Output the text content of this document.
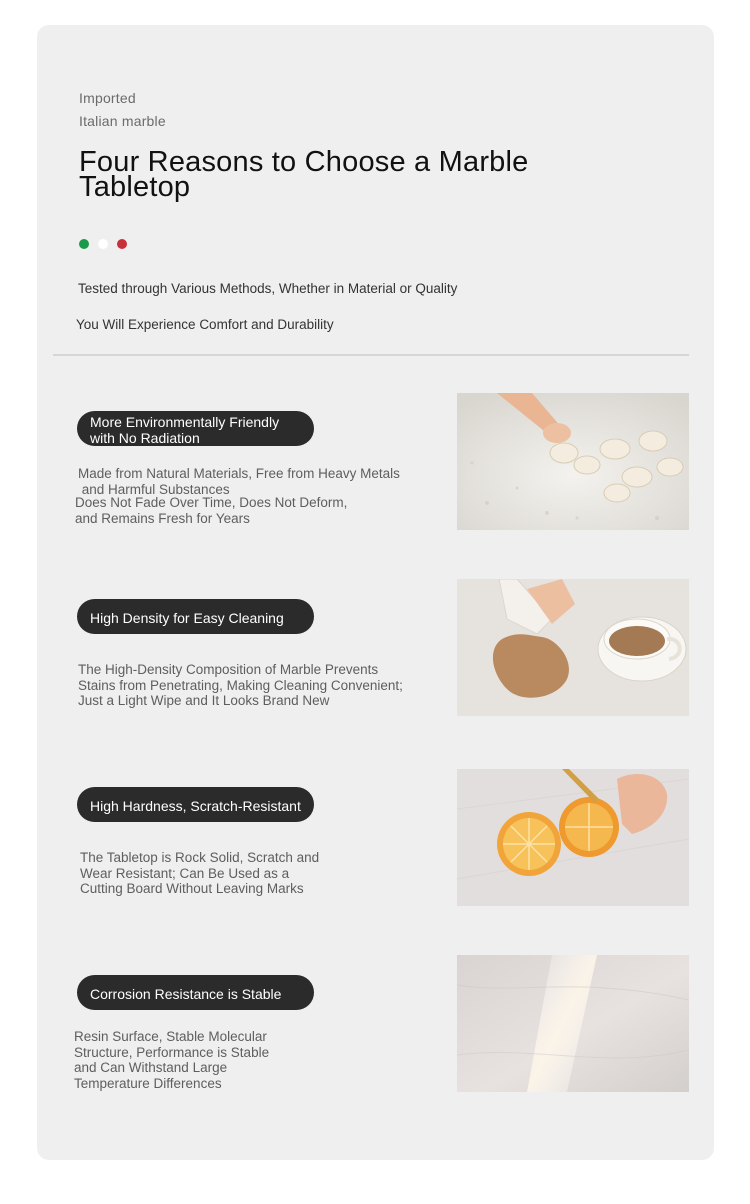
Imported
Italian marble
Four Reasons to Choose a Marble Tabletop
Tested through Various Methods, Whether in Material or Quality
You Will Experience Comfort and Durability
More Environmentally Friendly with No Radiation
Made from Natural Materials, Free from Heavy Metals
and Harmful Substances
Does Not Fade Over Time, Does Not Deform,
and Remains Fresh for Years
High Density for Easy Cleaning
The High-Density Composition of Marble Prevents
Stains from Penetrating, Making Cleaning Convenient;
Just a Light Wipe and It Looks Brand New
High Hardness, Scratch-Resistant
The Tabletop is Rock Solid, Scratch and
Wear Resistant; Can Be Used as a
Cutting Board Without Leaving Marks
Corrosion Resistance is Stable
Resin Surface, Stable Molecular
Structure, Performance is Stable
and Can Withstand Large
Temperature Differences
